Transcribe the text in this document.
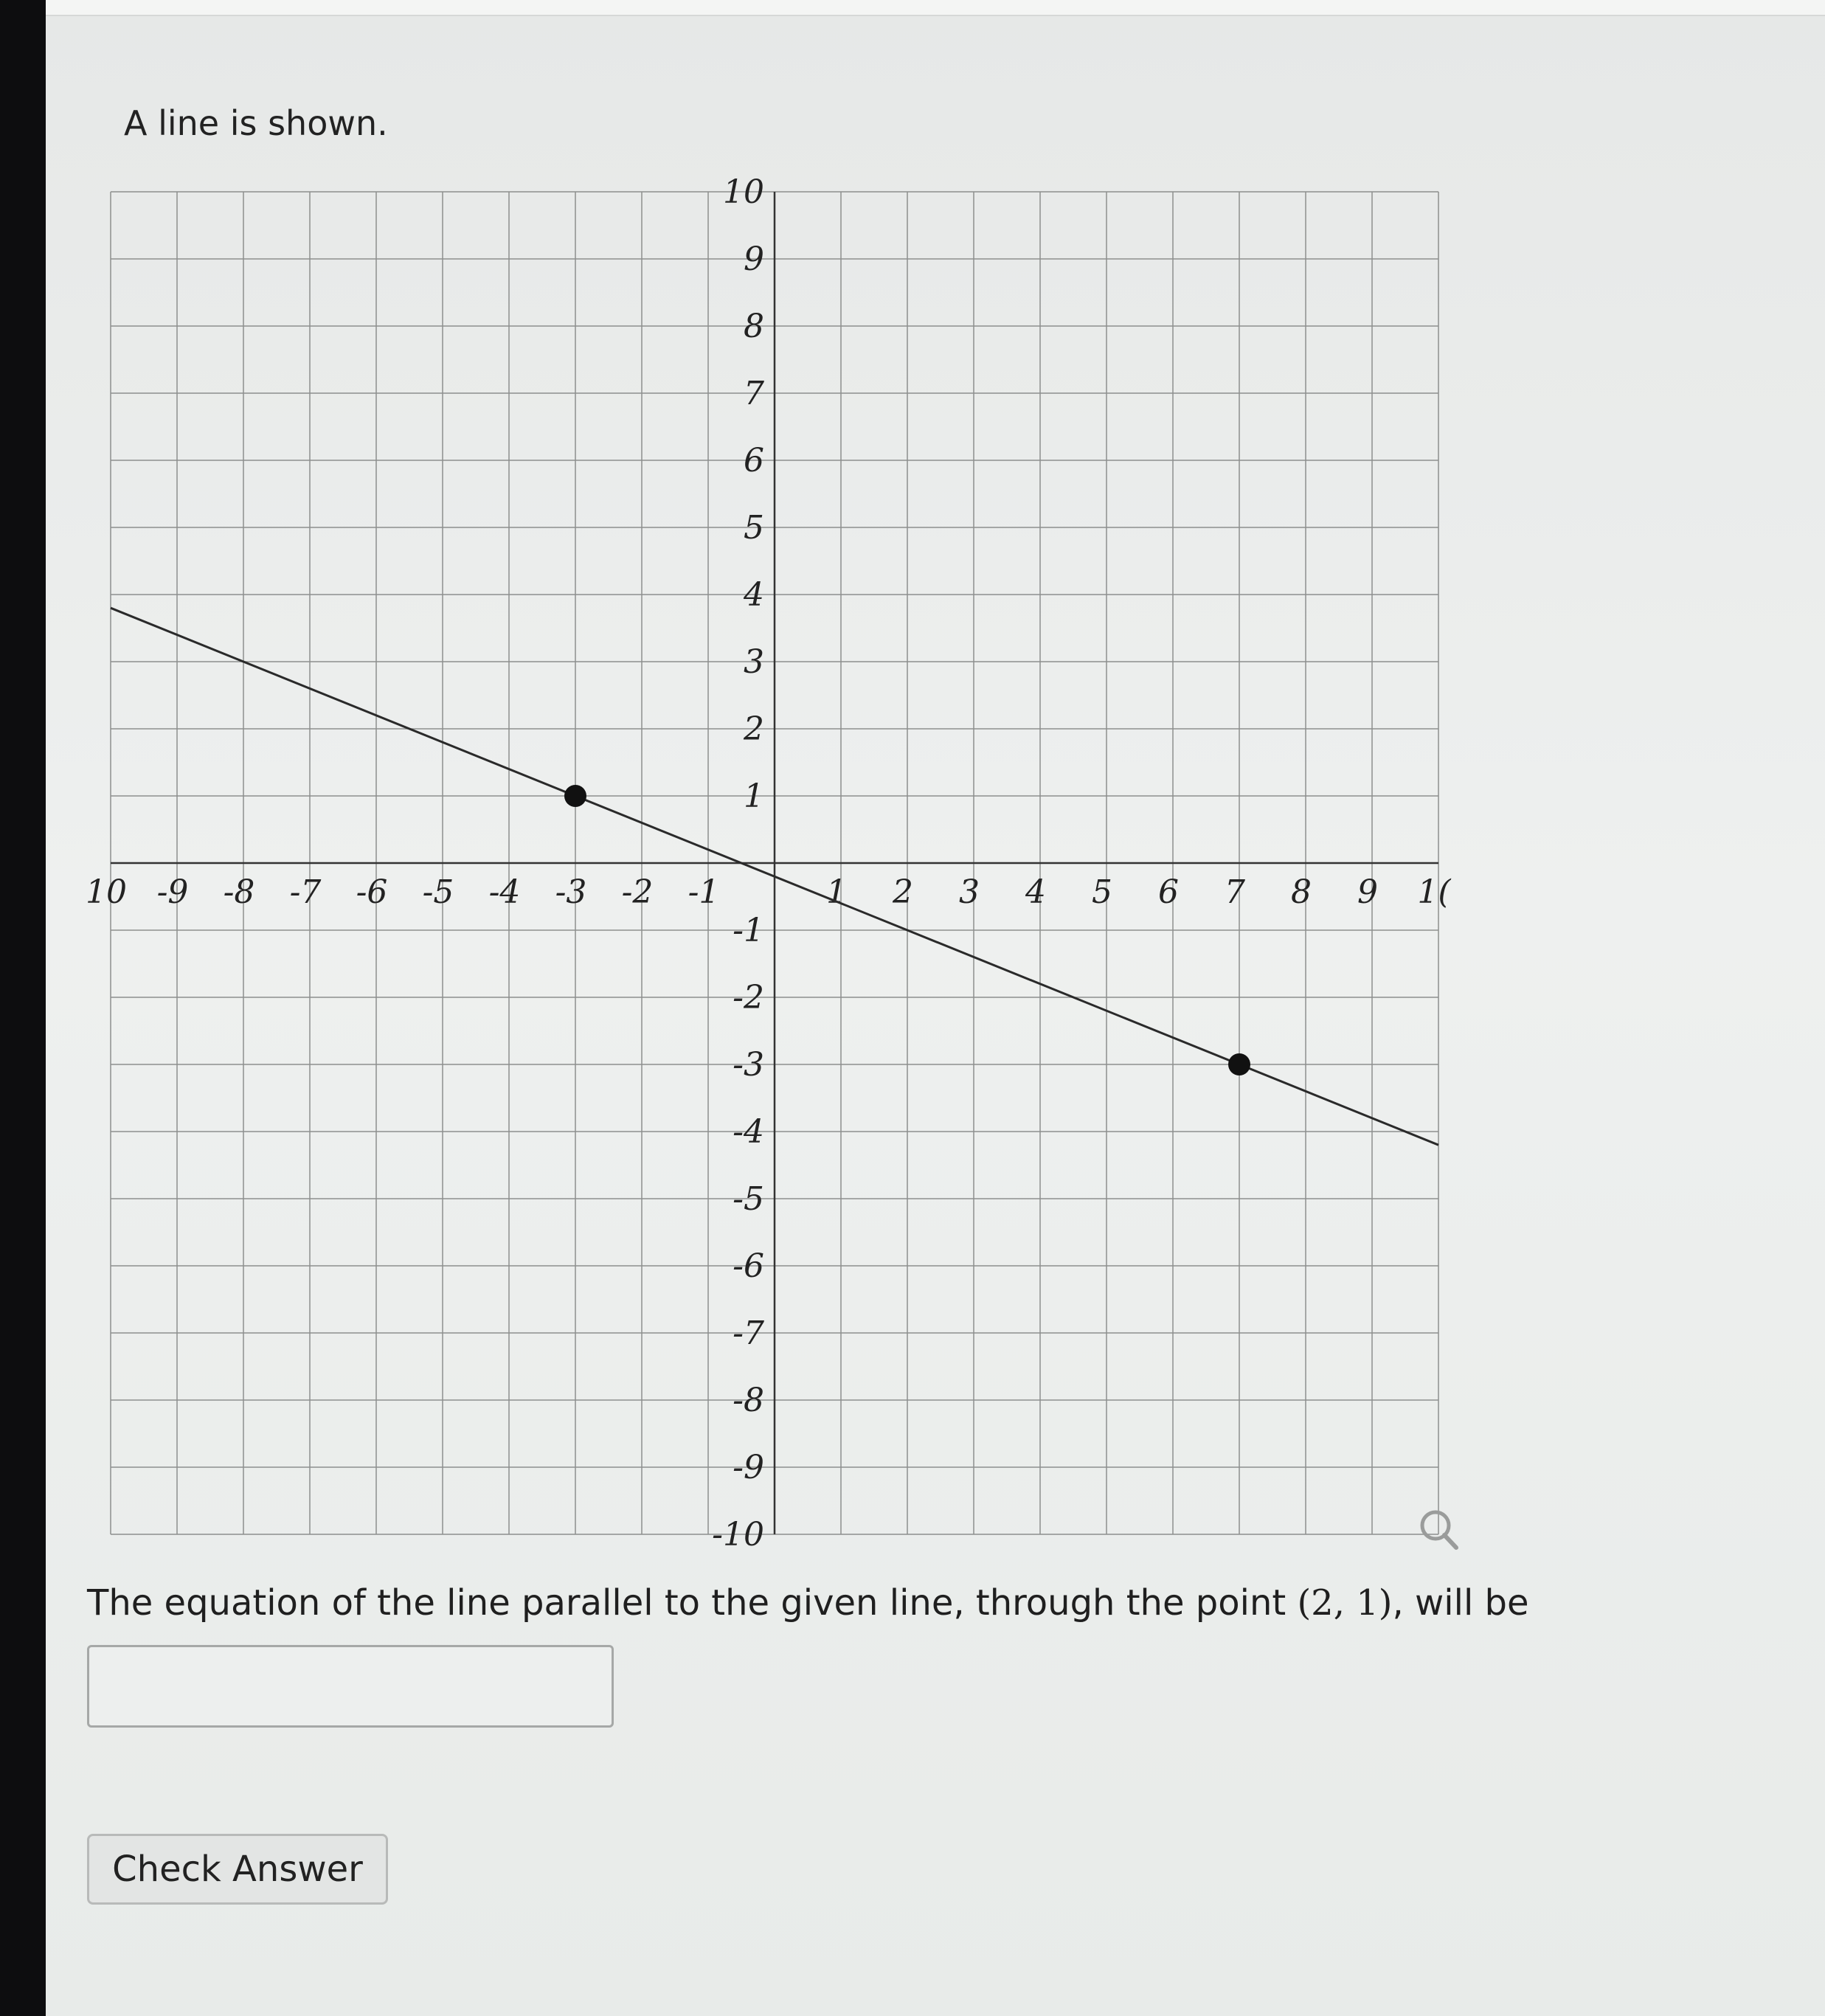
A line is shown.
10 -9 -8 -7 -6 -5 -4 -3 -2 -1	1 2 3 4 5 6 7 8 9 1(
10
9
8
7
6
5
4
3
2
1
-1
-2
-3
-4
-5
-6
-7
-8
-9
-10
The equation of the line parallel to the given line, through the point (2, 1), will be
Check Answer
